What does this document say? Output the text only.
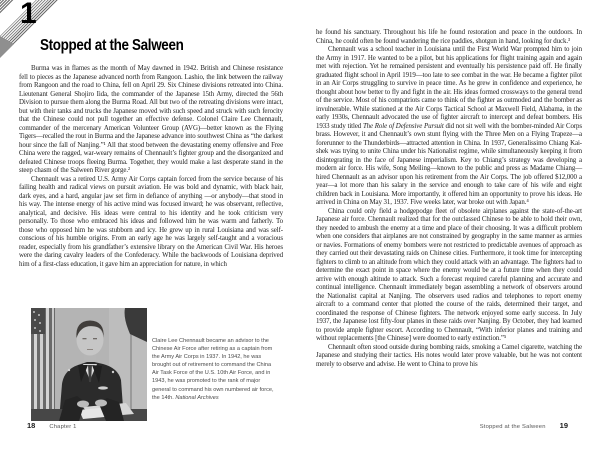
1
Stopped at the Salween

Burma was in flames as the month of May dawned in 1942. British and Chinese resistance fell to pieces as the Japanese advanced north from Rangoon. Lashio, the link between the railway from Rangoon and the road to China, fell on April 29. Six Chinese divisions retreated into China. Lieutenant General Shojiro Iida, the commander of the Japanese 15th Army, directed the 56th Division to pursue them along the Burma Road. All but two of the retreating divisions were intact, but with their tanks and trucks the Japanese moved with such speed and struck with such ferocity that the Chinese could not pull together an effective defense. Colonel Claire Lee Chennault, commander of the mercenary American Volunteer Group (AVG)—better known as the Flying Tigers—recalled the rout in Burma and the Japanese advance into southwest China as “the darkest hour since the fall of Nanjing.”¹ All that stood between the devastating enemy offensive and Free China were the ragged, war-weary remains of Chennault’s fighter group and the disorganized and defeated Chinese troops fleeing Burma. Together, they would make a last desperate stand in the steep chasm of the Salween River gorge.²

Chennault was a retired U.S. Army Air Corps captain forced from the service because of his failing health and radical views on pursuit aviation. He was bold and dynamic, with black hair, dark eyes, and a hard, angular jaw set firm in defiance of anything —or anybody—that stood in his way. The intense energy of his active mind was focused inward; he was observant, reflective, analytical, and decisive. His ideas were central to his identity and he took criticism very personally. To those who embraced his ideas and followed him he was warm and fatherly. To those who opposed him he was stubborn and icy. He grew up in rural Louisiana and was self-conscious of his humble origins. From an early age he was largely self-taught and a voracious reader, especially from his grandfather’s extensive library on the American Civil War. His heroes were the daring cavalry leaders of the Confederacy. While the backwoods of Louisiana deprived him of a first-class education, it gave him an appreciation for nature, in which

Claire Lee Chennault became an advisor to the Chinese Air Force after retiring as a captain from the Army Air Corps in 1937. In 1942, he was brought out of retirement to command the China Air Task Force of the U.S. 10th Air Force, and in 1943, he was promoted to the rank of major general to command his own numbered air force, the 14th. National Archives
18 Chapter 1

he found his sanctuary. Throughout his life he found restoration and peace in the outdoors. In China, he could often be found wandering the rice paddies, shotgun in hand, looking for duck.³

Chennault was a school teacher in Louisiana until the First World War prompted him to join the Army in 1917. He wanted to be a pilot, but his applications for flight training again and again met with rejection. Yet he remained persistent and eventually his persistence paid off. He finally graduated flight school in April 1919—too late to see combat in the war. He became a fighter pilot in an Air Corps struggling to survive in peace time. As he grew in confidence and experience, he thought about how better to fly and fight in the air. His ideas formed crossways to the general trend of the service. Most of his compatriots came to think of the fighter as outmoded and the bomber as invulnerable. While stationed at the Air Corps Tactical School at Maxwell Field, Alabama, in the early 1930s, Chennault advocated the use of fighter aircraft to intercept and defeat bombers. His 1933 study titled The Role of Defensive Pursuit did not sit well with the bomber-minded Air Corps brass. However, it and Chennault’s own stunt flying with the Three Men on a Flying Trapeze—a forerunner to the Thunderbirds—attracted attention in China. In 1937, Generalissimo Chiang Kai-shek was trying to unite China under his Nationalist regime, while simultaneously keeping it from disintegrating in the face of Japanese imperialism. Key to Chiang’s strategy was developing a modern air force. His wife, Song Meiling—known to the public and press as Madame Chiang—hired Chennault as an advisor upon his retirement from the Air Corps. The job offered $12,000 a year—a lot more than his salary in the service and enough to take care of his wife and eight children back in Louisiana. More importantly, it offered him an opportunity to prove his ideas. He arrived in China on May 31, 1937. Five weeks later, war broke out with Japan.⁴

China could only field a hodgepodge fleet of obsolete airplanes against the state-of-the-art Japanese air force. Chennault realized that for the outclassed Chinese to be able to hold their own, they needed to ambush the enemy at a time and place of their choosing. It was a difficult problem when one considers that airplanes are not constrained by geography in the same manner as armies or navies. Formations of enemy bombers were not restricted to predictable avenues of approach as they carried out their devastating raids on Chinese cities. Furthermore, it took time for intercepting fighters to climb to an altitude from which they could attack with an advantage. The fighters had to determine the exact point in space where the enemy would be at a future time when they could arrive with enough altitude to attack. Such a forecast required careful planning and accurate and continual intelligence. Chennault immediately began assembling a network of observers around the Nationalist capital at Nanjing. The observers used radios and telephones to report enemy aircraft to a command center that plotted the course of the raids, determined their target, and coordinated the response of Chinese fighters. The network enjoyed some early success. In July 1937, the Japanese lost fifty-four planes in these raids over Nanjing. By October, they had learned to provide ample fighter escort. According to Chennault, “With inferior planes and training and without replacements [the Chinese] were doomed to early extinction.”⁵

Chennault often stood outside during bombing raids, smoking a Camel cigarette, watching the Japanese and studying their tactics. His notes would later prove valuable, but he was not content merely to observe and advise. He went to China to prove his

Stopped at the Salween 19
